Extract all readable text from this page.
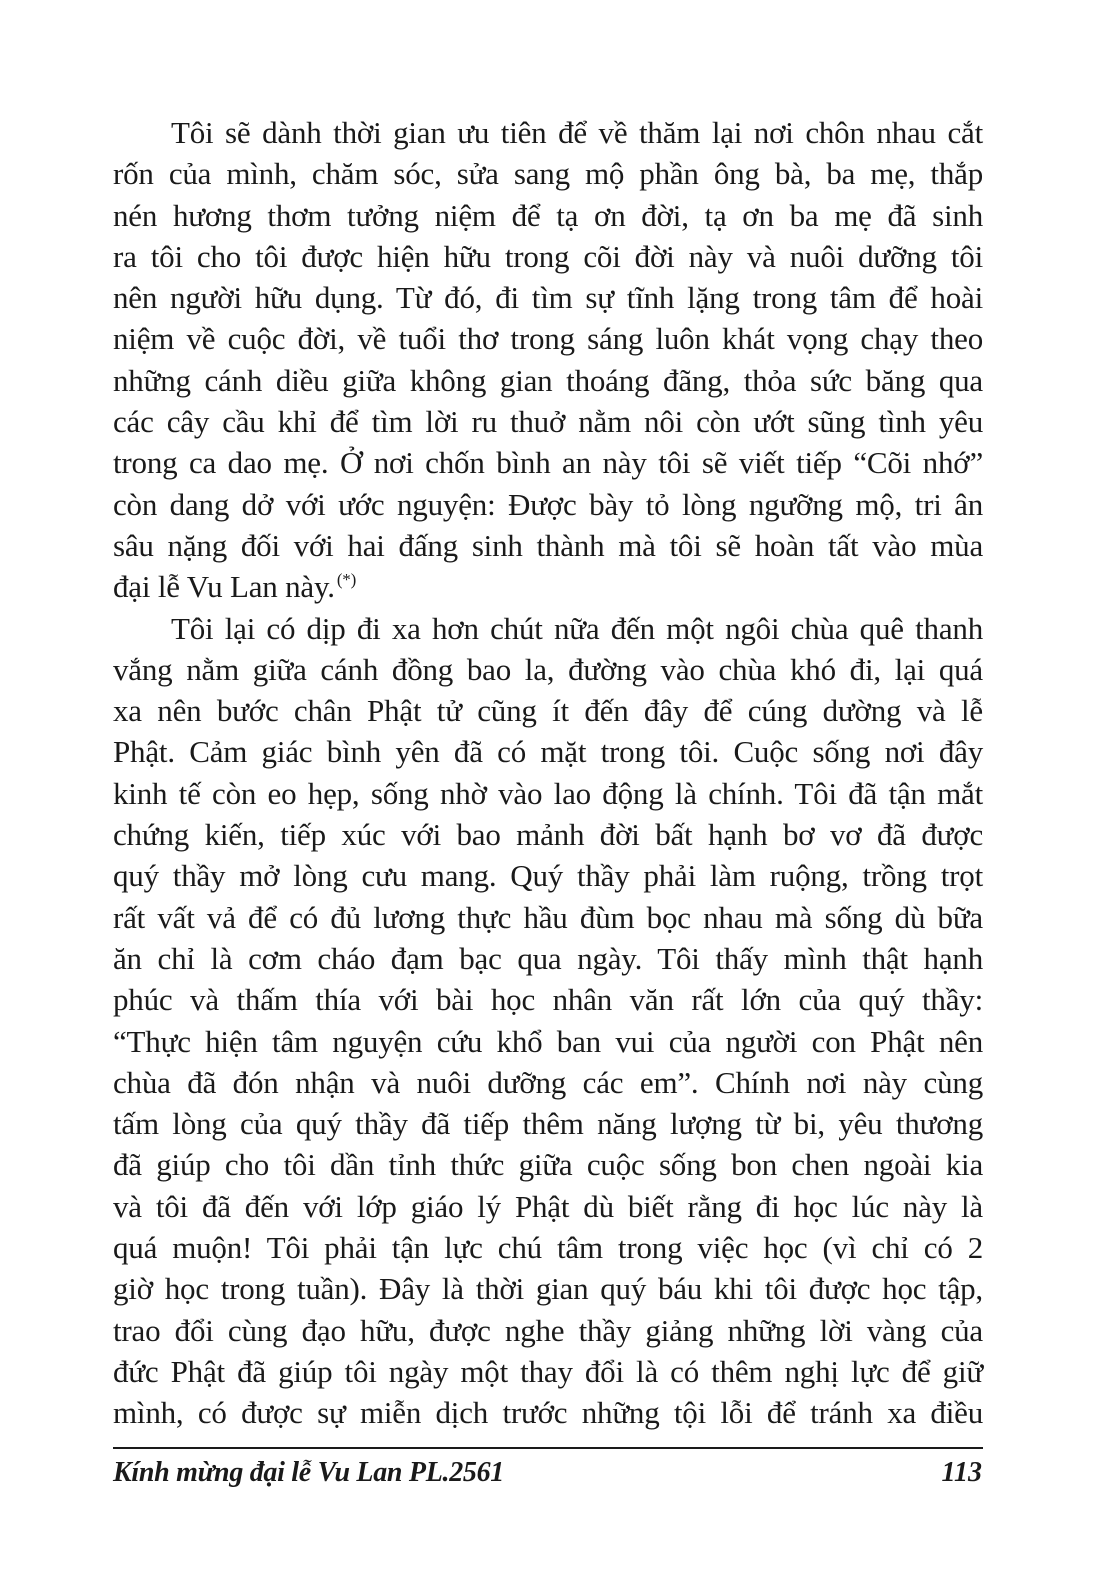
Tôi sẽ dành thời gian ưu tiên để về thăm lại nơi chôn nhau cắt
rốn của mình, chăm sóc, sửa sang mộ phần ông bà, ba mẹ, thắp
nén hương thơm tưởng niệm để tạ ơn đời, tạ ơn ba mẹ đã sinh
ra tôi cho tôi được hiện hữu trong cõi đời này và nuôi dưỡng tôi
nên người hữu dụng. Từ đó, đi tìm sự tĩnh lặng trong tâm để hoài
niệm về cuộc đời, về tuổi thơ trong sáng luôn khát vọng chạy theo
những cánh diều giữa không gian thoáng đãng, thỏa sức băng qua
các cây cầu khỉ để tìm lời ru thuở nằm nôi còn ướt sũng tình yêu
trong ca dao mẹ. Ở nơi chốn bình an này tôi sẽ viết tiếp “Cõi nhớ”
còn dang dở với ước nguyện: Được bày tỏ lòng ngưỡng mộ, tri ân
sâu nặng đối với hai đấng sinh thành mà tôi sẽ hoàn tất vào mùa
đại lễ Vu Lan này. (*)
Tôi lại có dịp đi xa hơn chút nữa đến một ngôi chùa quê thanh
vắng nằm giữa cánh đồng bao la, đường vào chùa khó đi, lại quá
xa nên bước chân Phật tử cũng ít đến đây để cúng dường và lễ
Phật. Cảm giác bình yên đã có mặt trong tôi. Cuộc sống nơi đây
kinh tế còn eo hẹp, sống nhờ vào lao động là chính. Tôi đã tận mắt
chứng kiến, tiếp xúc với bao mảnh đời bất hạnh bơ vơ đã được
quý thầy mở lòng cưu mang. Quý thầy phải làm ruộng, trồng trọt
rất vất vả để có đủ lương thực hầu đùm bọc nhau mà sống dù bữa
ăn chỉ là cơm cháo đạm bạc qua ngày. Tôi thấy mình thật hạnh
phúc và thấm thía với bài học nhân văn rất lớn của quý thầy:
“Thực hiện tâm nguyện cứu khổ ban vui của người con Phật nên
chùa đã đón nhận và nuôi dưỡng các em”. Chính nơi này cùng
tấm lòng của quý thầy đã tiếp thêm năng lượng từ bi, yêu thương
đã giúp cho tôi dần tỉnh thức giữa cuộc sống bon chen ngoài kia
và tôi đã đến với lớp giáo lý Phật dù biết rằng đi học lúc này là
quá muộn! Tôi phải tận lực chú tâm trong việc học (vì chỉ có 2
giờ học trong tuần). Đây là thời gian quý báu khi tôi được học tập,
trao đổi cùng đạo hữu, được nghe thầy giảng những lời vàng của
đức Phật đã giúp tôi ngày một thay đổi là có thêm nghị lực để giữ
mình, có được sự miễn dịch trước những tội lỗi để tránh xa điều
Kính mừng đại lễ Vu Lan PL.2561	113
